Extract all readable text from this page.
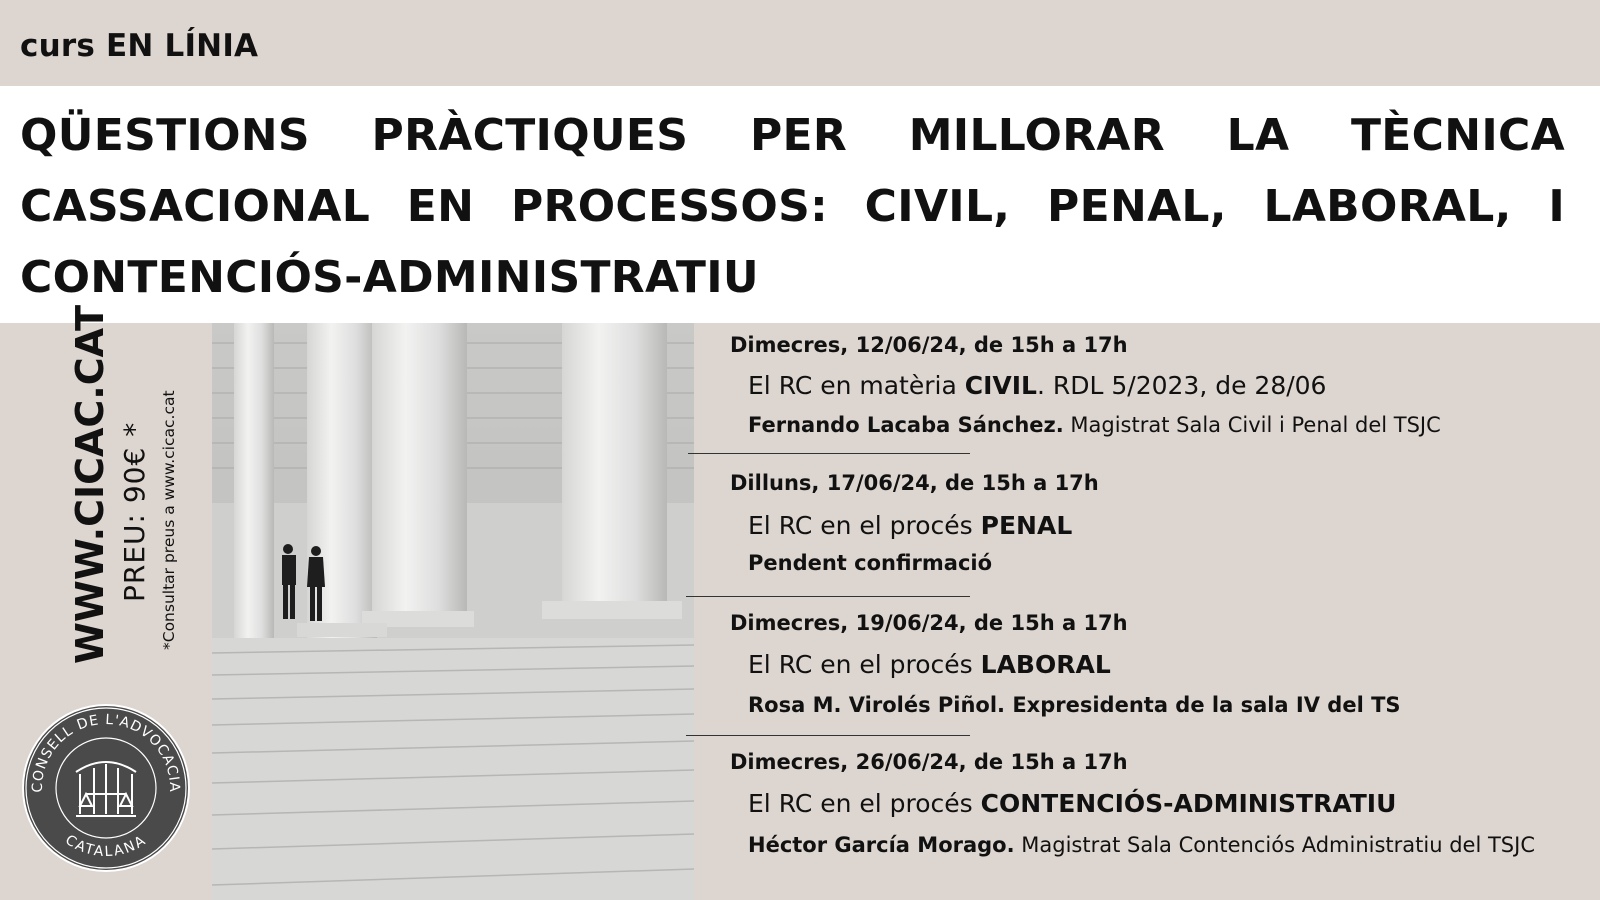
curs EN LÍNIA
QÜESTIONS PRÀCTIQUES PER MILLORAR LA TÈCNICA CASSACIONAL EN PROCESSOS: CIVIL, PENAL, LABORAL, I CONTENCIÓS-ADMINISTRATIU
WWW.CICAC.CAT PREU: 90€ * *Consultar preus a www.cicac.cat
CONSELL DE L'ADVOCACIA
CATALANA
Dimecres, 12/06/24, de 15h a 17h
El RC en matèria CIVIL. RDL 5/2023, de 28/06
Fernando Lacaba Sánchez. Magistrat Sala Civil i Penal del TSJC
Dilluns, 17/06/24, de 15h a 17h
El RC en el procés PENAL
Pendent confirmació
Dimecres, 19/06/24, de 15h a 17h
El RC en el procés LABORAL
Rosa M. Virolés Piñol. Expresidenta de la sala IV del TS
Dimecres, 26/06/24, de 15h a 17h
El RC en el procés CONTENCIÓS-ADMINISTRATIU
Héctor García Morago. Magistrat Sala Contenciós Administratiu del TSJC
